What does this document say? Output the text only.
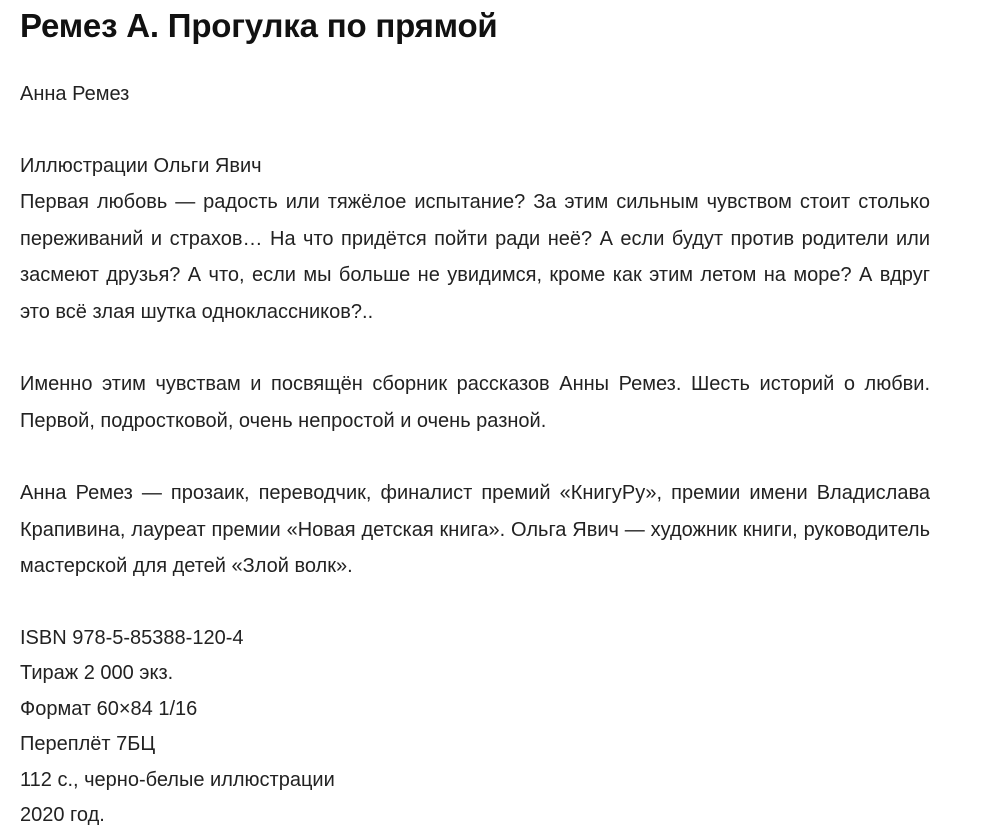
Ремез А. Прогулка по прямой

Анна Ремез

Иллюстрации Ольги Явич

Первая любовь — радость или тяжёлое испытание? За этим сильным чувством стоит столько переживаний и страхов… На что придётся пойти ради неё? А если будут против родители или засмеют друзья? А что, если мы больше не увидимся, кроме как этим летом на море? А вдруг это всё злая шутка одноклассников?..

Именно этим чувствам и посвящён сборник рассказов Анны Ремез. Шесть историй о любви. Первой, подростковой, очень непростой и очень разной.

Анна Ремез — прозаик, переводчик, финалист премий «КнигуРу», премии имени Владислава Крапивина, лауреат премии «Новая детская книга». Ольга Явич — художник книги, руководитель мастерской для детей «Злой волк».

ISBN 978-5-85388-120-4
Тираж 2 000 экз.
Формат 60×84 1/16
Переплёт 7БЦ
112 с., черно-белые иллюстрации
2020 год.
